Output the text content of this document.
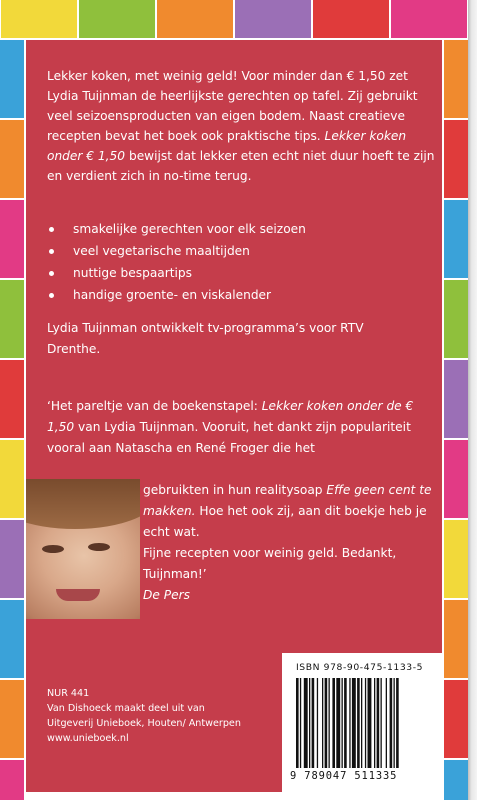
Lekker koken, met weinig geld! Voor minder dan € 1,50 zet Lydia Tuijnman de heerlijkste gerechten op tafel. Zij gebruikt veel seizoensproducten van eigen bodem. Naast creatieve recepten bevat het boek ook praktische tips. Lekker koken onder € 1,50 bewijst dat lekker eten echt niet duur hoeft te zijn en verdient zich in no-time terug.

smakelijke gerechten voor elk seizoen
veel vegetarische maaltijden
nuttige bespaartips
handige groente- en viskalender

Lydia Tuijnman ontwikkelt tv-programma’s voor RTV Drenthe.

‘Het pareltje van de boekenstapel: Lekker koken onder de € 1,50 van Lydia Tuijnman. Vooruit, het dankt zijn populariteit vooral aan Natascha en René Froger die het

gebruikten in hun realitysoap Effe geen cent te makken. Hoe het ook zij, aan dit boekje heb je echt wat.
Fijne recepten voor weinig geld. Bedankt, Tuijnman!’
De Pers
NUR 441
Van Dishoeck maakt deel uit van
Uitgeverij Unieboek, Houten/ Antwerpen
www.unieboek.nl
ISBN 978-90-475-1133-5
9 789047 511335
